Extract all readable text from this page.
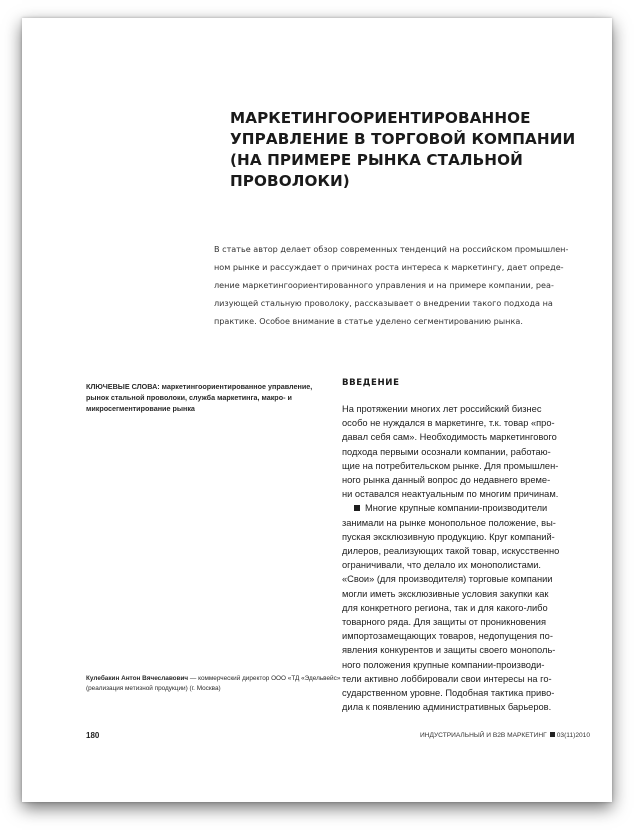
МАРКЕТИНГООРИЕНТИРОВАННОЕ
УПРАВЛЕНИЕ В ТОРГОВОЙ КОМПАНИИ
(НА ПРИМЕРЕ РЫНКА СТАЛЬНОЙ
ПРОВОЛОКИ)
В статье автор делает обзор современных тенденций на российском промышлен-
ном рынке и рассуждает о причинах роста интереса к маркетингу, дает опреде-
ление маркетингоориентированного управления и на примере компании, реа-
лизующей стальную проволоку, рассказывает о внедрении такого подхода на
практике. Особое внимание в статье уделено сегментированию рынка.
КЛЮЧЕВЫЕ СЛОВА: маркетингоориентированное управление,
рынок стальной проволоки, служба маркетинга, макро- и
микросегментирование рынка
ВВЕДЕНИЕ
На протяжении многих лет российский бизнес
особо не нуждался в маркетинге, т.к. товар «про-
давал себя сам». Необходимость маркетингового
подхода первыми осознали компании, работаю-
щие на потребительском рынке. Для промышлен-
ного рынка данный вопрос до недавнего време-
ни оставался неактуальным по многим причинам.
Многие крупные компании-производители
занимали на рынке монопольное положение, вы-
пуская эксклюзивную продукцию. Круг компаний-
дилеров, реализующих такой товар, искусственно
ограничивали, что делало их монополистами.
«Свои» (для производителя) торговые компании
могли иметь эксклюзивные условия закупки как
для конкретного региона, так и для какого-либо
товарного ряда. Для защиты от проникновения
импортозамещающих товаров, недопущения по-
явления конкурентов и защиты своего монополь-
ного положения крупные компании-производи-
тели активно лоббировали свои интересы на го-
сударственном уровне. Подобная тактика приво-
дила к появлению административных барьеров.
Кулебакин Антон Вячеславович — коммерческий директор ООО «ТД «Эдельвейс»
(реализация метизной продукции) (г. Москва)
180	ИНДУСТРИАЛЬНЫЙ И B2B МАРКЕТИНГ 03(11)2010
